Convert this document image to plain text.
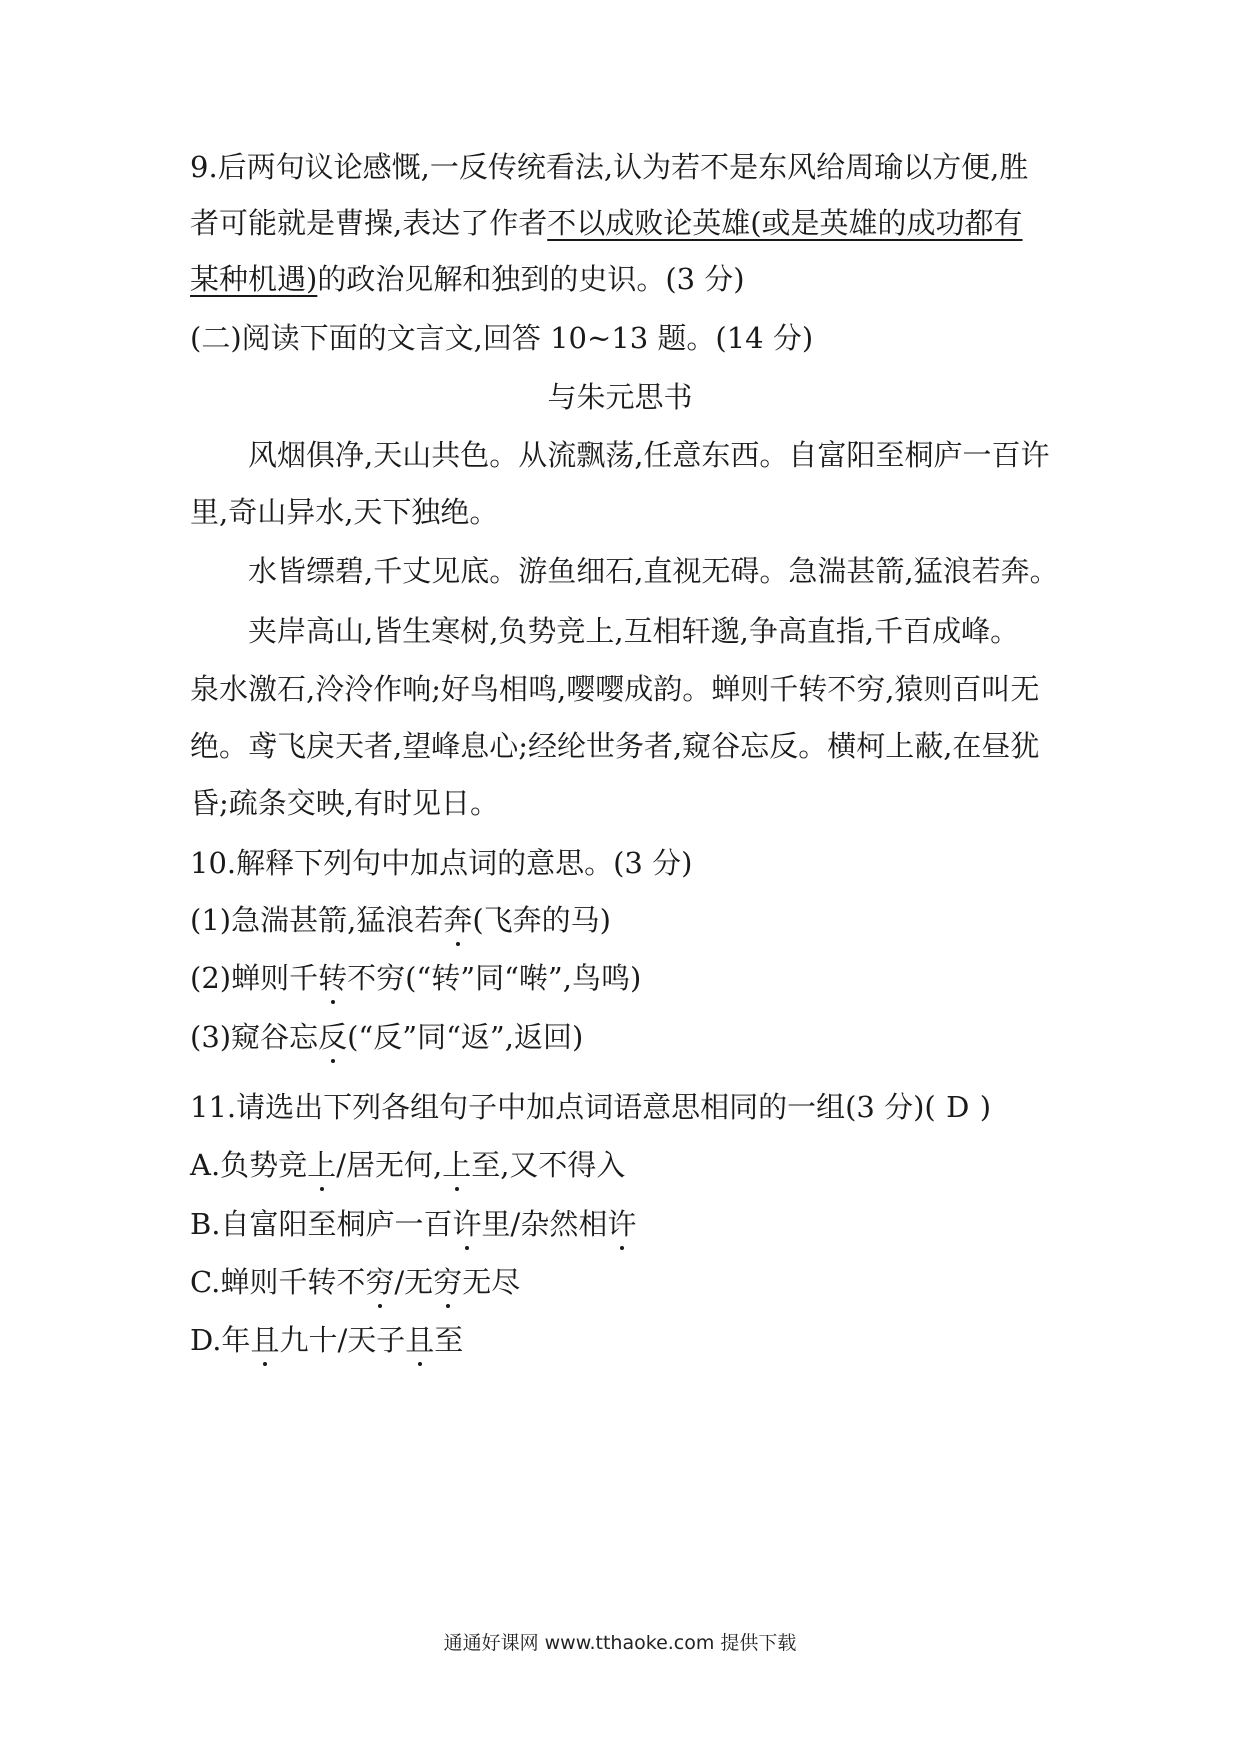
9.后两句议论感慨,一反传统看法,认为若不是东风给周瑜以方便,胜
者可能就是曹操,表达了作者不以成败论英雄(或是英雄的成功都有
某种机遇)的政治见解和独到的史识。(3 分)
(二)阅读下面的文言文,回答 10~13 题。(14 分)
与朱元思书
风烟俱净,天山共色。从流飘荡,任意东西。自富阳至桐庐一百许
里,奇山异水,天下独绝。
水皆缥碧,千丈见底。游鱼细石,直视无碍。急湍甚箭,猛浪若奔。
夹岸高山,皆生寒树,负势竞上,互相轩邈,争高直指,千百成峰。
泉水激石,泠泠作响;好鸟相鸣,嘤嘤成韵。蝉则千转不穷,猿则百叫无
绝。鸢飞戾天者,望峰息心;经纶世务者,窥谷忘反。横柯上蔽,在昼犹
昏;疏条交映,有时见日。
10.解释下列句中加点词的意思。(3 分)
(1)急湍甚箭,猛浪若奔(飞奔的马)
(2)蝉则千转不穷(“转”同“啭”,鸟鸣)
(3)窥谷忘反(“反”同“返”,返回)
11.请选出下列各组句子中加点词语意思相同的一组(3 分)( D )
A.负势竞上/居无何,上至,又不得入
B.自富阳至桐庐一百许里/杂然相许
C.蝉则千转不穷/无穷无尽
D.年且九十/天子且至
通通好课网 www.tthaoke.com 提供下载
